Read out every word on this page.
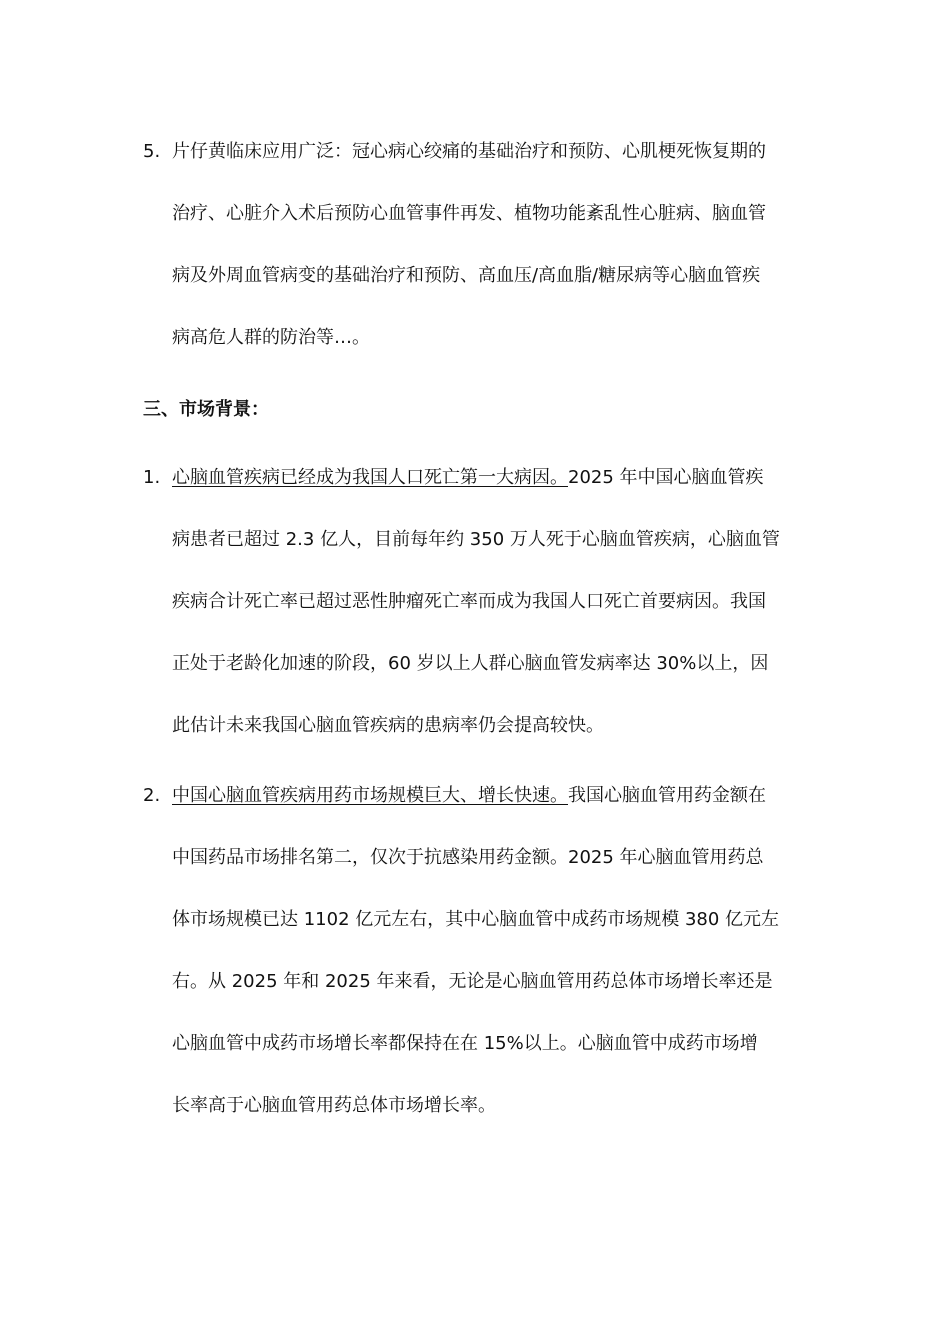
5. 片仔黄临床应用广泛：冠心病心绞痛的基础治疗和预防、心肌梗死恢复期的
治疗、心脏介入术后预防心血管事件再发、植物功能紊乱性心脏病、脑血管
病及外周血管病变的基础治疗和预防、高血压/高血脂/糖尿病等心脑血管疾
病高危人群的防治等…。
三、市场背景：
1. 心脑血管疾病已经成为我国人口死亡第一大病因。2025 年中国心脑血管疾
病患者已超过 2.3 亿人，目前每年约 350 万人死于心脑血管疾病，心脑血管
疾病合计死亡率已超过恶性肿瘤死亡率而成为我国人口死亡首要病因。我国
正处于老龄化加速的阶段，60 岁以上人群心脑血管发病率达 30%以上，因
此估计未来我国心脑血管疾病的患病率仍会提高较快。
2. 中国心脑血管疾病用药市场规模巨大、增长快速。我国心脑血管用药金额在
中国药品市场排名第二，仅次于抗感染用药金额。2025 年心脑血管用药总
体市场规模已达 1102 亿元左右，其中心脑血管中成药市场规模 380 亿元左
右。从 2025 年和 2025 年来看，无论是心脑血管用药总体市场增长率还是
心脑血管中成药市场增长率都保持在在 15%以上。心脑血管中成药市场增
长率高于心脑血管用药总体市场增长率。
